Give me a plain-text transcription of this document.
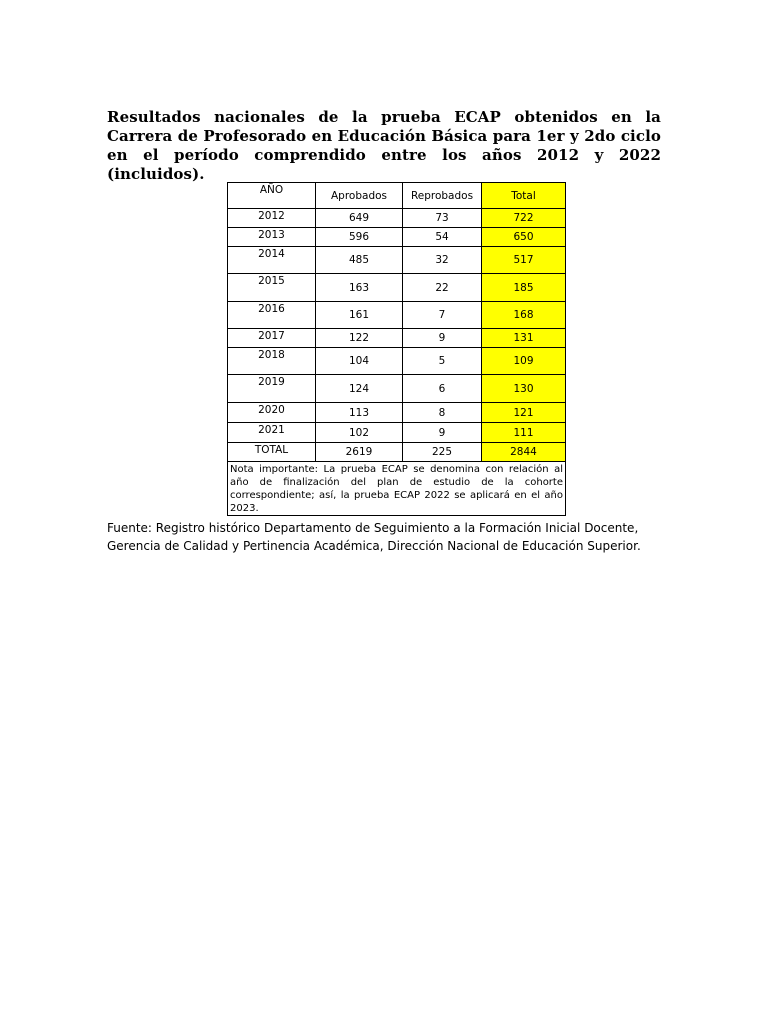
Resultados nacionales de la prueba ECAP obtenidos en la Carrera de Profesorado en Educación Básica para 1er y 2do ciclo en el período comprendido entre los años 2012 y 2022 (incluidos).
AÑO	Aprobados	Reprobados	Total
2012	649	73	722
2013	596	54	650
2014	485	32	517
2015	163	22	185
2016	161	7	168
2017	122	9	131
2018	104	5	109
2019	124	6	130
2020	113	8	121
2021	102	9	111
TOTAL	2619	225	2844
Nota importante: La prueba ECAP se denomina con relación al año de finalización del plan de estudio de la cohorte correspondiente; así, la prueba ECAP 2022 se aplicará en el año 2023.			
Fuente: Registro histórico Departamento de Seguimiento a la Formación Inicial Docente, Gerencia de Calidad y Pertinencia Académica, Dirección Nacional de Educación Superior.
